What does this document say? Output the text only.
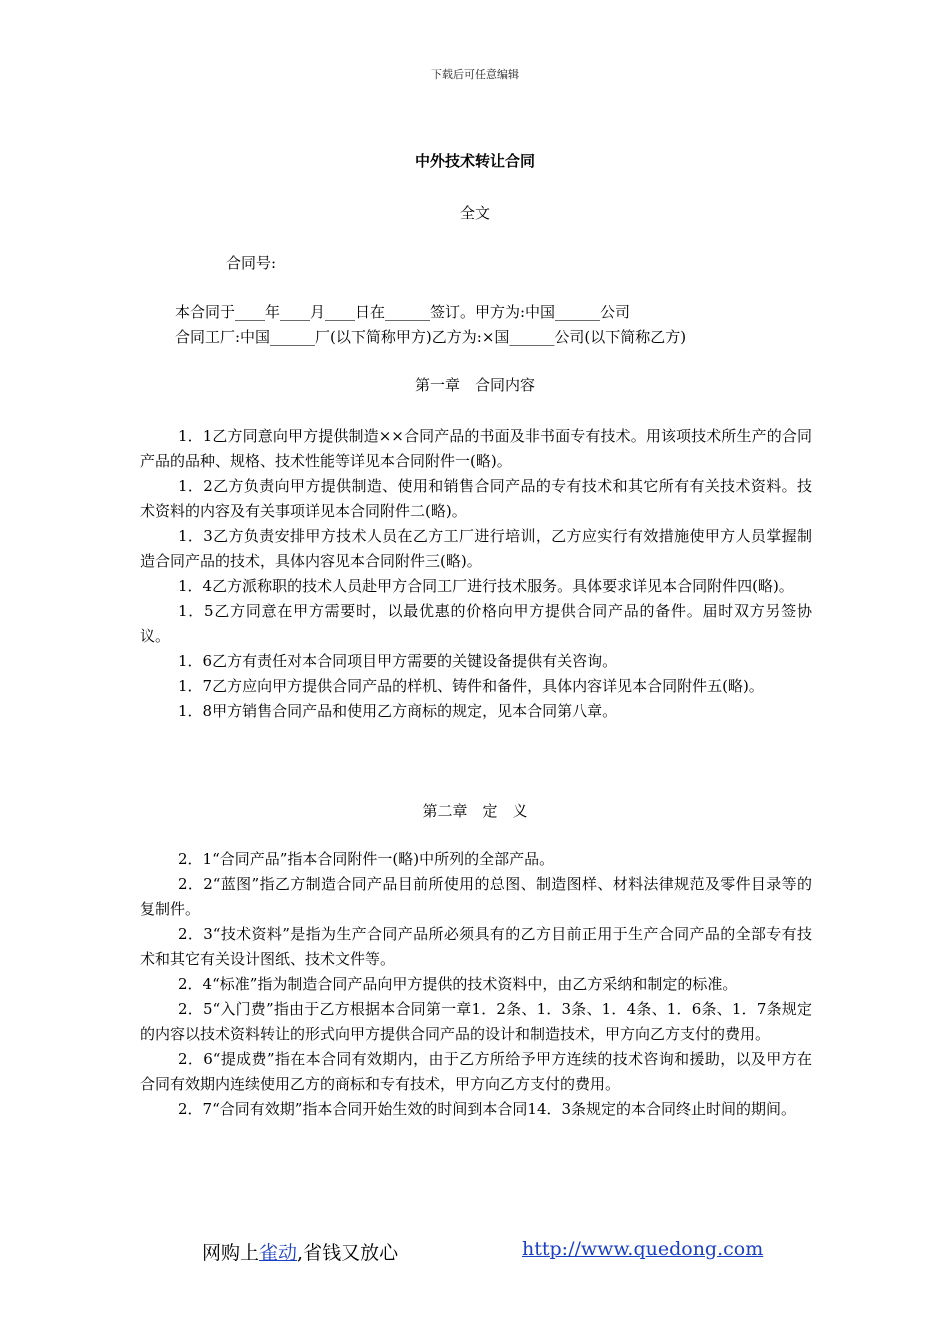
下载后可任意编辑
中外技术转让合同
全文
合同号:
本合同于____年____月____日在______签订。甲方为:中国______公司
合同工厂:中国______厂(以下简称甲方)乙方为:×国______公司(以下简称乙方)
第一章　合同内容

1．1乙方同意向甲方提供制造××合同产品的书面及非书面专有技术。用该项技术所生产的合同产品的品种、规格、技术性能等详见本合同附件一(略)。

1．2乙方负责向甲方提供制造、使用和销售合同产品的专有技术和其它所有有关技术资料。技术资料的内容及有关事项详见本合同附件二(略)。

1．3乙方负责安排甲方技术人员在乙方工厂进行培训，乙方应实行有效措施使甲方人员掌握制造合同产品的技术，具体内容见本合同附件三(略)。

1．4乙方派称职的技术人员赴甲方合同工厂进行技术服务。具体要求详见本合同附件四(略)。

1．5乙方同意在甲方需要时，以最优惠的价格向甲方提供合同产品的备件。届时双方另签协议。

1．6乙方有责任对本合同项目甲方需要的关键设备提供有关咨询。

1．7乙方应向甲方提供合同产品的样机、铸件和备件，具体内容详见本合同附件五(略)。

1．8甲方销售合同产品和使用乙方商标的规定，见本合同第八章。

第二章　定　义

2．1“合同产品”指本合同附件一(略)中所列的全部产品。

2．2“蓝图”指乙方制造合同产品目前所使用的总图、制造图样、材料法律规范及零件目录等的复制件。

2．3“技术资料”是指为生产合同产品所必须具有的乙方目前正用于生产合同产品的全部专有技术和其它有关设计图纸、技术文件等。

2．4“标准”指为制造合同产品向甲方提供的技术资料中，由乙方采纳和制定的标准。

2．5“入门费”指由于乙方根据本合同第一章1．2条、1．3条、1．4条、1．6条、1．7条规定的内容以技术资料转让的形式向甲方提供合同产品的设计和制造技术，甲方向乙方支付的费用。

2．6“提成费”指在本合同有效期内，由于乙方所给予甲方连续的技术咨询和援助，以及甲方在合同有效期内连续使用乙方的商标和专有技术，甲方向乙方支付的费用。

2．7“合同有效期”指本合同开始生效的时间到本合同14．3条规定的本合同终止时间的期间。

网购上雀动,省钱又放心	http://www.quedong.com
